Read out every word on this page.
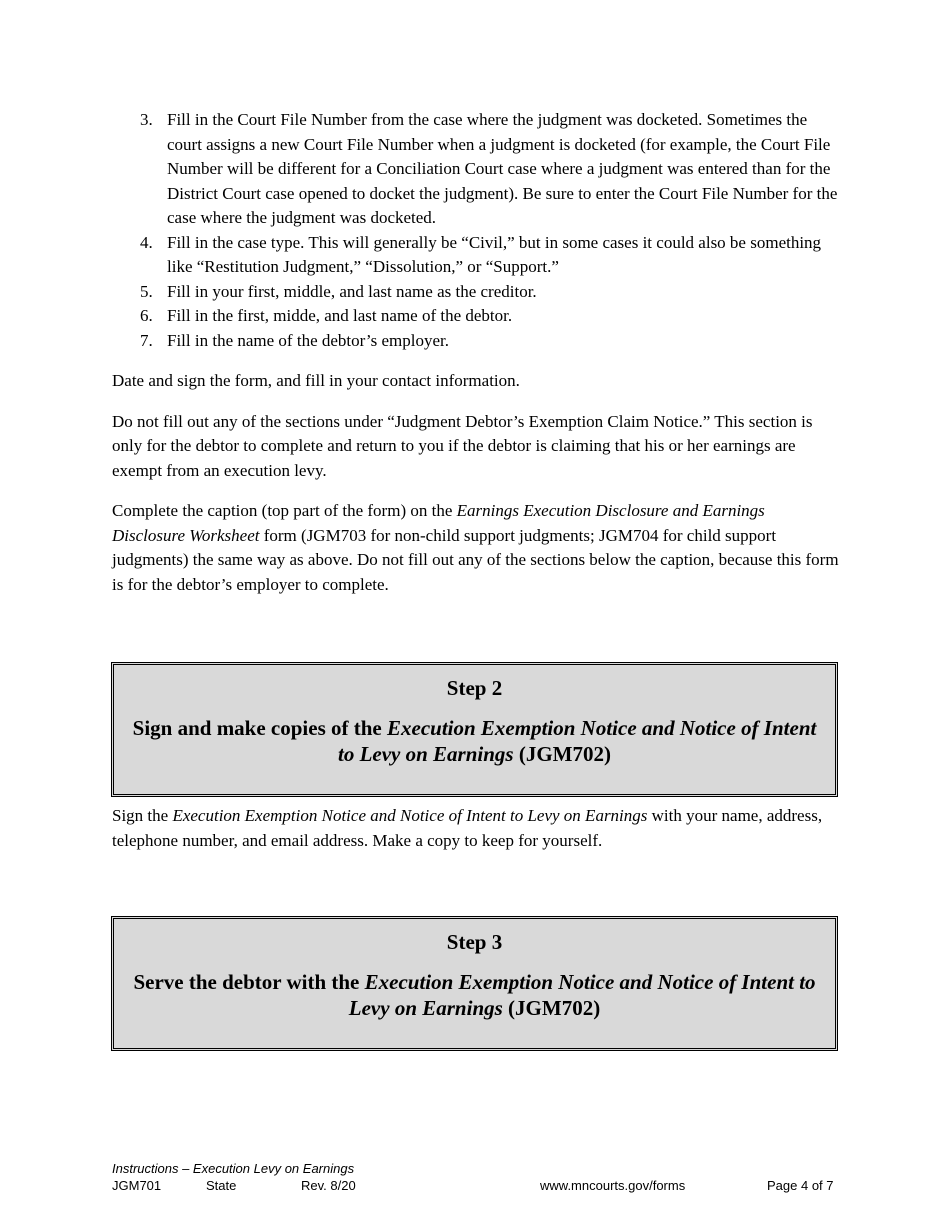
3. Fill in the Court File Number from the case where the judgment was docketed. Sometimes the court assigns a new Court File Number when a judgment is docketed (for example, the Court File Number will be different for a Conciliation Court case where a judgment was entered than for the District Court case opened to docket the judgment). Be sure to enter the Court File Number for the case where the judgment was docketed.
4. Fill in the case type. This will generally be “Civil,” but in some cases it could also be something like “Restitution Judgment,” “Dissolution,” or “Support.”
5. Fill in your first, middle, and last name as the creditor.
6. Fill in the first, midde, and last name of the debtor.
7. Fill in the name of the debtor’s employer.

Date and sign the form, and fill in your contact information.

Do not fill out any of the sections under “Judgment Debtor’s Exemption Claim Notice.” This section is only for the debtor to complete and return to you if the debtor is claiming that his or her earnings are exempt from an execution levy.

Complete the caption (top part of the form) on the Earnings Execution Disclosure and Earnings Disclosure Worksheet form (JGM703 for non-child support judgments; JGM704 for child support judgments) the same way as above. Do not fill out any of the sections below the caption, because this form is for the debtor’s employer to complete.

Step 2
Sign and make copies of the Execution Exemption Notice and Notice of Intent to Levy on Earnings (JGM702)

Sign the Execution Exemption Notice and Notice of Intent to Levy on Earnings with your name, address, telephone number, and email address. Make a copy to keep for yourself.

Step 3
Serve the debtor with the Execution Exemption Notice and Notice of Intent to Levy on Earnings (JGM702)
Instructions – Execution Levy on Earnings
JGM701	State	Rev. 8/20	www.mncourts.gov/forms	Page 4 of 7
